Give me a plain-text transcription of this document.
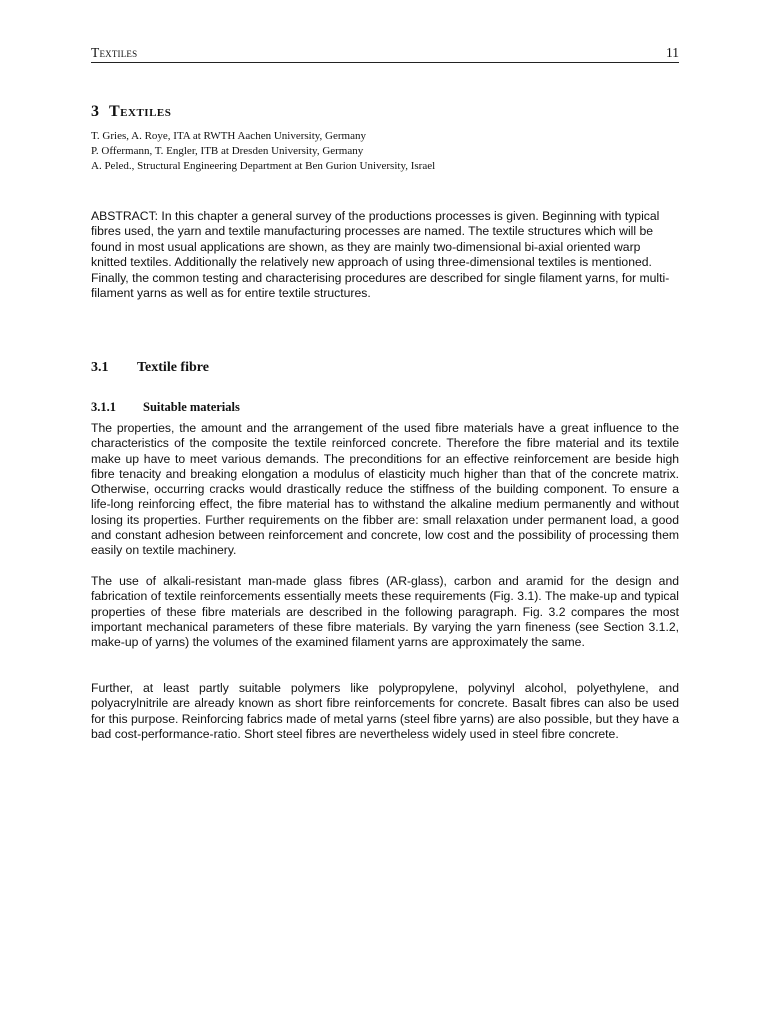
Textiles	11
3 Textiles
T. Gries, A. Roye, ITA at RWTH Aachen University, Germany
P. Offermann, T. Engler, ITB at Dresden University, Germany
A. Peled., Structural Engineering Department at Ben Gurion University, Israel
ABSTRACT: In this chapter a general survey of the productions processes is given. Beginning with typical fibres used, the yarn and textile manufacturing processes are named. The textile structures which will be found in most usual applications are shown, as they are mainly two-dimensional bi-axial oriented warp knitted textiles. Additionally the relatively new approach of using three-dimensional textiles is mentioned. Finally, the common testing and characterising procedures are described for single filament yarns, for multi-filament yarns as well as for entire textile structures.
3.1 Textile fibre
3.1.1 Suitable materials
The properties, the amount and the arrangement of the used fibre materials have a great influence to the characteristics of the composite the textile reinforced concrete. Therefore the fibre material and its textile make up have to meet various demands. The preconditions for an effective reinforcement are beside high fibre tenacity and breaking elongation a modulus of elasticity much higher than that of the concrete matrix. Otherwise, occurring cracks would drastically reduce the stiffness of the building component. To ensure a life-long reinforcing effect, the fibre material has to withstand the alkaline medium permanently and without losing its properties. Further requirements on the fibber are: small relaxation under permanent load, a good and constant adhesion between reinforcement and concrete, low cost and the possibility of processing them easily on textile machinery.
The use of alkali-resistant man-made glass fibres (AR-glass), carbon and aramid for the design and fabrication of textile reinforcements essentially meets these requirements (Fig. 3.1). The make-up and typical properties of these fibre materials are described in the following paragraph. Fig. 3.2 compares the most important mechanical parameters of these fibre materials. By varying the yarn fineness (see Section 3.1.2, make-up of yarns) the volumes of the examined filament yarns are approximately the same.
Further, at least partly suitable polymers like polypropylene, polyvinyl alcohol, polyethylene, and polyacrylnitrile are already known as short fibre reinforcements for concrete. Basalt fibres can also be used for this purpose. Reinforcing fabrics made of metal yarns (steel fibre yarns) are also possible, but they have a bad cost-performance-ratio. Short steel fibres are nevertheless widely used in steel fibre concrete.
